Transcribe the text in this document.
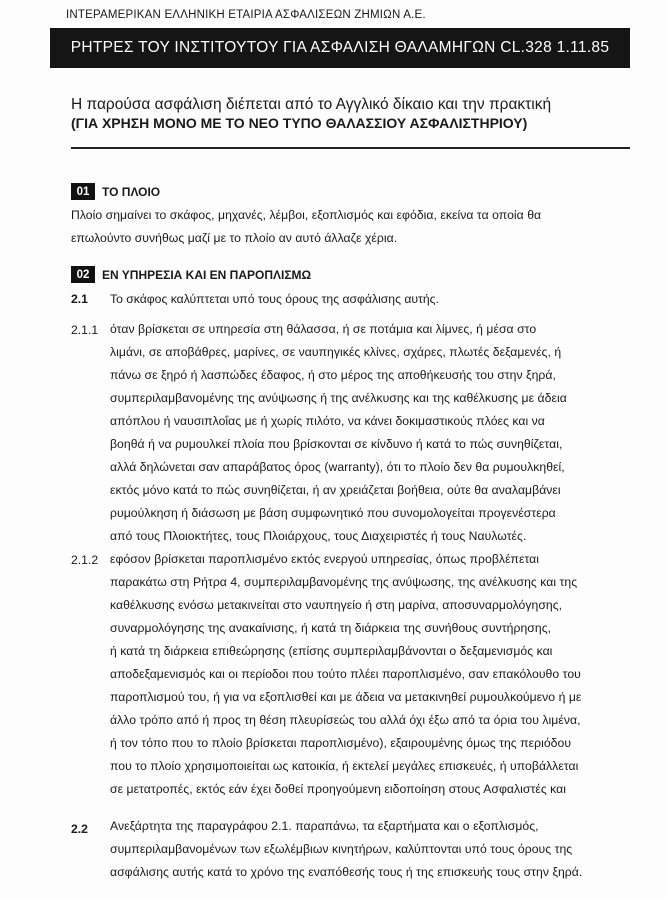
ΙΝΤΕΡΑΜΕΡΙΚΑΝ ΕΛΛΗΝΙΚΗ ΕΤΑΙΡΙΑ ΑΣΦΑΛΙΣΕΩΝ ΖΗΜΙΩΝ Α.Ε.
ΡΗΤΡΕΣ ΤΟΥ ΙΝΣΤΙΤΟΥΤΟΥ ΓΙΑ ΑΣΦΑΛΙΣΗ ΘΑΛΑΜΗΓΩΝ CL.328 1.11.85
Η παρούσα ασφάλιση διέπεται από το Αγγλικό δίκαιο και την πρακτική
(ΓΙΑ ΧΡΗΣΗ ΜΟΝΟ ΜΕ ΤΟ ΝΕΟ ΤΥΠΟ ΘΑΛΑΣΣΙΟΥ ΑΣΦΑΛΙΣΤΗΡΙΟΥ)
01	ΤΟ ΠΛΟΙΟ
Πλοίο σημαίνει το σκάφος, μηχανές, λέμβοι, εξοπλισμός και εφόδια, εκείνα τα οποία θα
επωλούντο συνήθως μαζί με το πλοίο αν αυτό άλλαζε χέρια.
02	ΕΝ ΥΠΗΡΕΣΙΑ ΚΑΙ ΕΝ ΠΑΡΟΠΛΙΣΜΩ
2.1 Το σκάφος καλύπτεται υπό τους όρους της ασφάλισης αυτής.
2.1.1 όταν βρίσκεται σε υπηρεσία στη θάλασσα, ή σε ποτάμια και λίμνες, ή μέσα στο
λιμάνι, σε αποβάθρες, μαρίνες, σε ναυπηγικές κλίνες, σχάρες, πλωτές δεξαμενές, ή
πάνω σε ξηρό ή λασπώδες έδαφος, ή στο μέρος της αποθήκευσής του στην ξηρά,
συμπεριλαμβανομένης της ανύψωσης ή της ανέλκυσης και της καθέλκυσης με άδεια
απόπλου ή ναυσιπλοΐας με ή χωρίς πιλότο, να κάνει δοκιμαστικούς πλόες και να
βοηθά ή να ρυμουλκεί πλοία που βρίσκονται σε κίνδυνο ή κατά το πώς συνηθίζεται,
αλλά δηλώνεται σαν απαράβατος όρος (warranty), ότι το πλοίο δεν θα ρυμουλκηθεί,
εκτός μόνο κατά το πώς συνηθίζεται, ή αν χρειάζεται βοήθεια, ούτε θα αναλαμβάνει
ρυμούλκηση ή διάσωση με βάση συμφωνητικό που συνομολογείται προγενέστερα
από τους Πλοιοκτήτες, τους Πλοιάρχους, τους Διαχειριστές ή τους Ναυλωτές.
2.1.2 εφόσον βρίσκεται παροπλισμένο εκτός ενεργού υπηρεσίας, όπως προβλέπεται
παρακάτω στη Ρήτρα 4, συμπεριλαμβανομένης της ανύψωσης, της ανέλκυσης και της
καθέλκυσης ενόσω μετακινείται στο ναυπηγείο ή στη μαρίνα, αποσυναρμολόγησης,
συναρμολόγησης της ανακαίνισης, ή κατά τη διάρκεια της συνήθους συντήρησης,
ή κατά τη διάρκεια επιθεώρησης (επίσης συμπεριλαμβάνονται ο δεξαμενισμός και
αποδεξαμενισμός και οι περίοδοι που τούτο πλέει παροπλισμένο, σαν επακόλουθο του
παροπλισμού του, ή για να εξοπλισθεί και με άδεια να μετακινηθεί ρυμουλκούμενο ή με
άλλο τρόπο από ή προς τη θέση πλευρίσεώς του αλλά όχι έξω από τα όρια του λιμένα,
ή τον τόπο που το πλοίο βρίσκεται παροπλισμένο), εξαιρουμένης όμως της περιόδου
που το πλοίο χρησιμοποιείται ως κατοικία, ή εκτελεί μεγάλες επισκευές, ή υποβάλλεται
σε μετατροπές, εκτός εάν έχει δοθεί προηγούμενη ειδοποίηση στους Ασφαλιστές και
2.2 Ανεξάρτητα της παραγράφου 2.1. παραπάνω, τα εξαρτήματα και ο εξοπλισμός,
συμπεριλαμβανομένων των εξωλέμβιων κινητήρων, καλύπτονται υπό τους όρους της
ασφάλισης αυτής κατά το χρόνο της εναπόθεσής τους ή της επισκευής τους στην ξηρά.
